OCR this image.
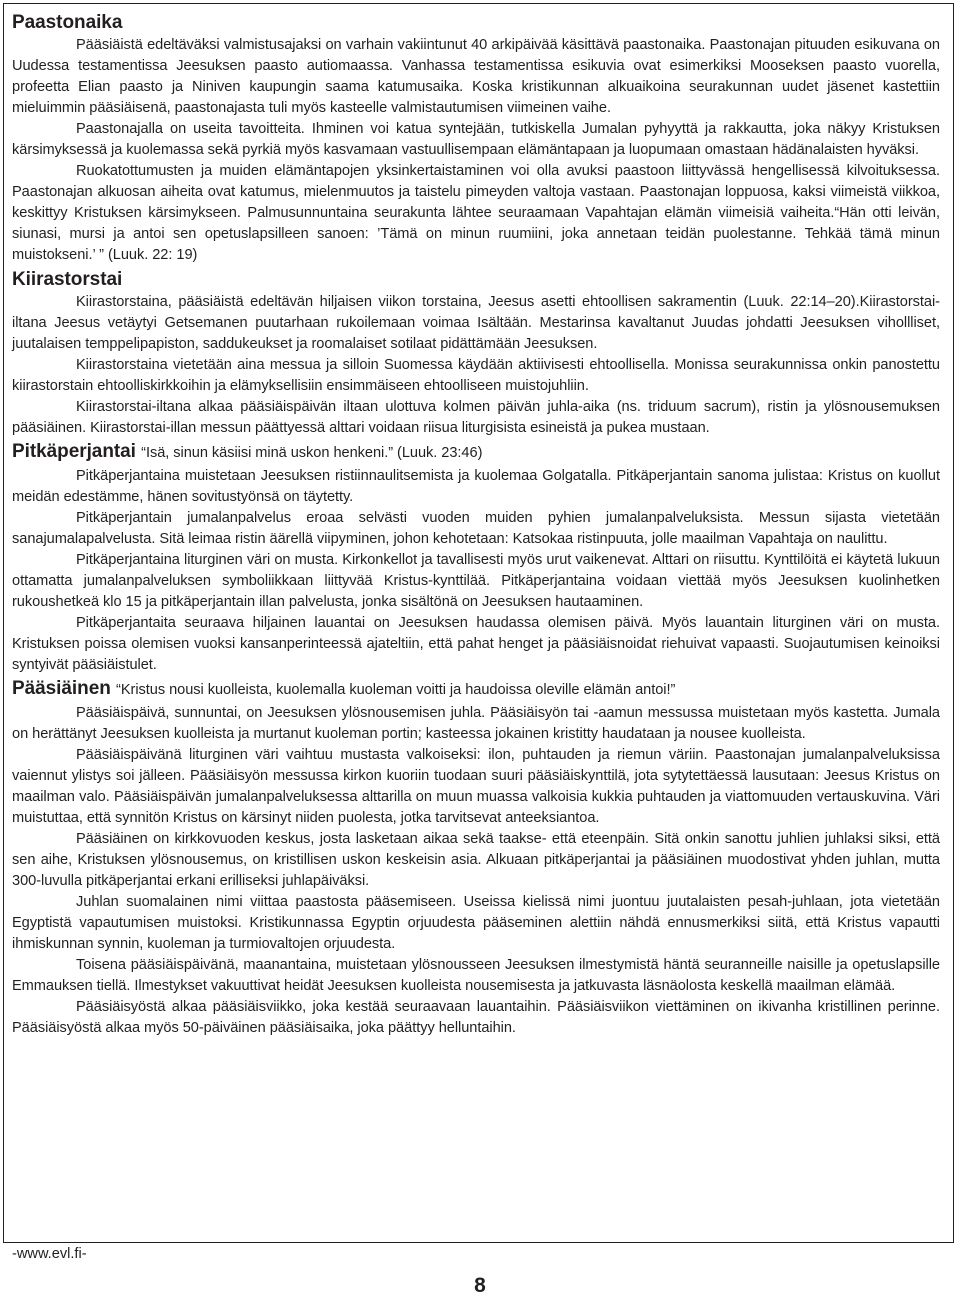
Paastonaika

Pääsiäistä edeltäväksi valmistusajaksi on varhain vakiintunut 40 arkipäivää käsittävä paastonaika. Paastonajan pituuden esikuvana on Uudessa testamentissa Jeesuksen paasto autiomaassa. Vanhassa testamentissa esikuvia ovat esimerkiksi Mooseksen paasto vuorella, profeetta Elian paasto ja Niniven kaupungin saama katumusaika. Koska kristikunnan alkuaikoina seurakunnan uudet jäsenet kastettiin mieluimmin pääsiäisenä, paastonajasta tuli myös kasteelle valmistautumisen viimeinen vaihe.

Paastonajalla on useita tavoitteita. Ihminen voi katua syntejään, tutkiskella Jumalan pyhyyttä ja rakkautta, joka näkyy Kristuksen kärsimyksessä ja kuolemassa sekä pyrkiä myös kasvamaan vastuullisempaan elämäntapaan ja luopumaan omastaan hädänalaisten hyväksi.

Ruokatottumusten ja muiden elämäntapojen yksinkertaistaminen voi olla avuksi paastoon liittyvässä hengellisessä kilvoituksessa. Paastonajan alkuosan aiheita ovat katumus, mielenmuutos ja taistelu pimeyden valtoja vastaan. Paastonajan loppuosa, kaksi viimeistä viikkoa, keskittyy Kristuksen kärsimykseen. Palmusunnuntaina seurakunta lähtee seuraamaan Vapahtajan elämän viimeisiä vaiheita.“Hän otti leivän, siunasi, mursi ja antoi sen opetuslapsilleen sanoen: ’Tämä on minun ruumiini, joka annetaan teidän puolestanne. Tehkää tämä minun muistokseni.’ ” (Luuk. 22: 19)

Kiirastorstai

Kiirastorstaina, pääsiäistä edeltävän hiljaisen viikon torstaina, Jeesus asetti ehtoollisen sakramentin (Luuk. 22:14–20).Kiirastorstai-iltana Jeesus vetäytyi Getsemanen puutarhaan rukoilemaan voimaa Isältään. Mestarinsa kavaltanut Juudas johdatti Jeesuksen vihollliset, juutalaisen temppelipapiston, saddukeukset ja roomalaiset sotilaat pidättämään Jeesuksen.

Kiirastorstaina vietetään aina messua ja silloin Suomessa käydään aktiivisesti ehtoollisella. Monissa seurakunnissa onkin panostettu kiirastorstain ehtoolliskirkkoihin ja elämyksellisiin ensimmäiseen ehtoolliseen muistojuhliin.

Kiirastorstai-iltana alkaa pääsiäispäivän iltaan ulottuva kolmen päivän juhla-aika (ns. triduum sacrum), ristin ja ylösnousemuksen pääsiäinen. Kiirastorstai-illan messun päättyessä alttari voidaan riisua liturgisista esineistä ja pukea mustaan.

Pitkäperjantai “Isä, sinun käsiisi minä uskon henkeni.” (Luuk. 23:46)

Pitkäperjantaina muistetaan Jeesuksen ristiinnaulitsemista ja kuolemaa Golgatalla. Pitkäperjantain sanoma julistaa: Kristus on kuollut meidän edestämme, hänen sovitustyönsä on täytetty.

Pitkäperjantain jumalanpalvelus eroaa selvästi vuoden muiden pyhien jumalanpalveluksista. Messun sijasta vietetään sanajumalapalvelusta. Sitä leimaa ristin äärellä viipyminen, johon kehotetaan: Katsokaa ristinpuuta, jolle maailman Vapahtaja on naulittu.

Pitkäperjantaina liturginen väri on musta. Kirkonkellot ja tavallisesti myös urut vaikenevat. Alttari on riisuttu. Kynttilöitä ei käytetä lukuun ottamatta jumalanpalveluksen symboliikkaan liittyvää Kristus-kynttilää. Pitkäperjantaina voidaan viettää myös Jeesuksen kuolinhetken rukoushetkeä klo 15 ja pitkäperjantain illan palvelusta, jonka sisältönä on Jeesuksen hautaaminen.

Pitkäperjantaita seuraava hiljainen lauantai on Jeesuksen haudassa olemisen päivä. Myös lauantain liturginen väri on musta. Kristuksen poissa olemisen vuoksi kansanperinteessä ajateltiin, että pahat henget ja pääsiäisnoidat riehuivat vapaasti. Suojautumisen keinoiksi syntyivät pääsiäistulet.

Pääsiäinen “Kristus nousi kuolleista, kuolemalla kuoleman voitti ja haudoissa oleville elämän antoi!”

Pääsiäispäivä, sunnuntai, on Jeesuksen ylösnousemisen juhla. Pääsiäisyön tai -aamun messussa muistetaan myös kastetta. Jumala on herättänyt Jeesuksen kuolleista ja murtanut kuoleman portin; kasteessa jokainen kristitty haudataan ja nousee kuolleista.

Pääsiäispäivänä liturginen väri vaihtuu mustasta valkoiseksi: ilon, puhtauden ja riemun väriin. Paastonajan jumalanpalveluksissa vaiennut ylistys soi jälleen. Pääsiäisyön messussa kirkon kuoriin tuodaan suuri pääsiäiskynttilä, jota sytytettäessä lausutaan: Jeesus Kristus on maailman valo. Pääsiäispäivän jumalanpalveluksessa alttarilla on muun muassa valkoisia kukkia puhtauden ja viattomuuden vertauskuvina. Väri muistuttaa, että synnitön Kristus on kärsinyt niiden puolesta, jotka tarvitsevat anteeksiantoa.

Pääsiäinen on kirkkovuoden keskus, josta lasketaan aikaa sekä taakse- että eteenpäin. Sitä onkin sanottu juhlien juhlaksi siksi, että sen aihe, Kristuksen ylösnousemus, on kristillisen uskon keskeisin asia. Alkuaan pitkäperjantai ja pääsiäinen muodostivat yhden juhlan, mutta 300-luvulla pitkäperjantai erkani erilliseksi juhlapäiväksi.

Juhlan suomalainen nimi viittaa paastosta pääsemiseen. Useissa kielissä nimi juontuu juutalaisten pesah-juhlaan, jota vietetään Egyptistä vapautumisen muistoksi. Kristikunnassa Egyptin orjuudesta pääseminen alettiin nähdä ennusmerkiksi siitä, että Kristus vapautti ihmiskunnan synnin, kuoleman ja turmiovaltojen orjuudesta.

Toisena pääsiäispäivänä, maanantaina, muistetaan ylösnousseen Jeesuksen ilmestymistä häntä seuranneille naisille ja opetuslapsille Emmauksen tiellä. Ilmestykset vakuuttivat heidät Jeesuksen kuolleista nousemisesta ja jatkuvasta läsnäolosta keskellä maailman elämää.

Pääsiäisyöstä alkaa pääsiäisviikko, joka kestää seuraavaan lauantaihin. Pääsiäisviikon viettäminen on ikivanha kristillinen perinne. Pääsiäisyöstä alkaa myös 50-päiväinen pääsiäisaika, joka päättyy helluntaihin.

-www.evl.fi-
8
